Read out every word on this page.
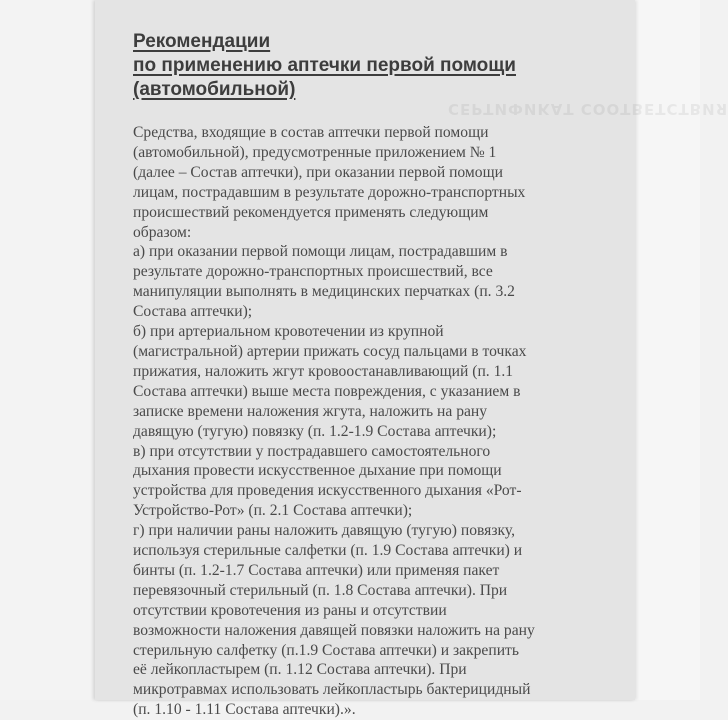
СЕРТИФИКАТ СООТВЕТСТВИЯ
Рекомендации
по применению аптечки первой помощи
(автомобильной)
Средства, входящие в состав аптечки первой помощи
(автомобильной), предусмотренные приложением № 1
(далее – Состав аптечки), при оказании первой помощи
лицам, пострадавшим в результате дорожно-транспортных
происшествий рекомендуется применять следующим
образом:
а) при оказании первой помощи лицам, пострадавшим в
результате дорожно-транспортных происшествий, все
манипуляции выполнять в медицинских перчатках (п. 3.2
Состава аптечки);
б) при артериальном кровотечении из крупной
(магистральной) артерии прижать сосуд пальцами в точках
прижатия, наложить жгут кровоостанавливающий (п. 1.1
Состава аптечки) выше места повреждения, с указанием в
записке времени наложения жгута, наложить на рану
давящую (тугую) повязку (п. 1.2-1.9 Состава аптечки);
в) при отсутствии у пострадавшего самостоятельного
дыхания провести искусственное дыхание при помощи
устройства для проведения искусственного дыхания «Рот-
Устройство-Рот» (п. 2.1 Состава аптечки);
г) при наличии раны наложить давящую (тугую) повязку,
используя стерильные салфетки (п. 1.9 Состава аптечки) и
бинты (п. 1.2-1.7 Состава аптечки) или применяя пакет
перевязочный стерильный (п. 1.8 Состава аптечки). При
отсутствии кровотечения из раны и отсутствии
возможности наложения давящей повязки наложить на рану
стерильную салфетку (п.1.9 Состава аптечки) и закрепить
её лейкопластырем (п. 1.12 Состава аптечки). При
микротравмах использовать лейкопластырь бактерицидный
(п. 1.10 - 1.11 Состава аптечки).».
